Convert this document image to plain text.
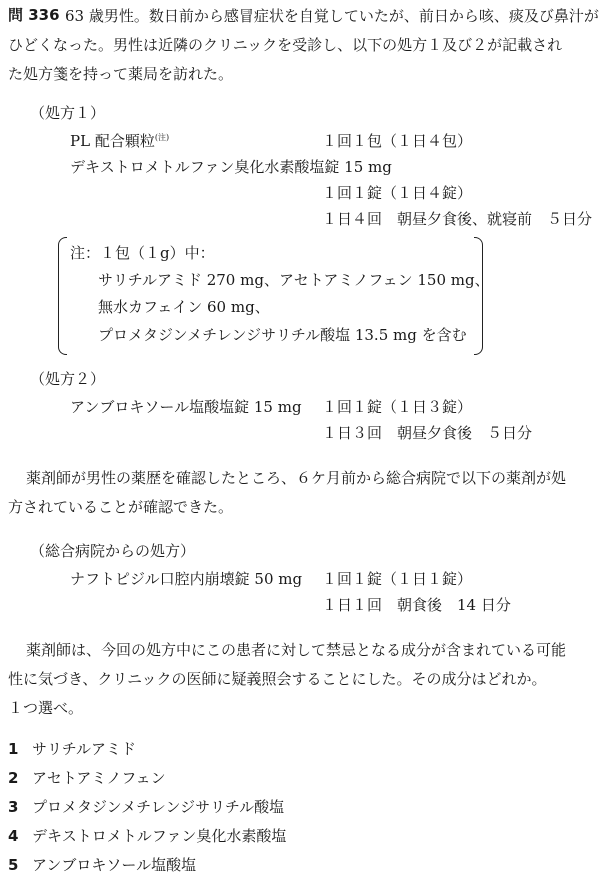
問 336 63 歳男性。数日前から感冒症状を自覚していたが、前日から咳、痰及び鼻汁が
ひどくなった。男性は近隣のクリニックを受診し、以下の処方１及び２が記載され
た処方箋を持って薬局を訪れた。
（処方１）
PL 配合顆粒$^{(注)}$	１回１包（１日４包）
デキストロメトルファン臭化水素酸塩錠 15 mg
１回１錠（１日４錠）
１日４回　朝昼夕食後、就寝前　５日分
注：１包（１g）中：
サリチルアミド 270 mg、アセトアミノフェン 150 mg、
無水カフェイン 60 mg、
プロメタジンメチレンジサリチル酸塩 13.5 mg を含む
（処方２）
アンブロキソール塩酸塩錠 15 mg １回１錠（１日３錠）
１日３回　朝昼夕食後　５日分
薬剤師が男性の薬歴を確認したところ、６ケ月前から総合病院で以下の薬剤が処
方されていることが確認できた。
（総合病院からの処方）
ナフトピジル口腔内崩壊錠 50 mg １回１錠（１日１錠）
１日１回　朝食後　14 日分
薬剤師は、今回の処方中にこの患者に対して禁忌となる成分が含まれている可能
性に気づき、クリニックの医師に疑義照会することにした。その成分はどれか。
１つ選べ。
1 サリチルアミド
2 アセトアミノフェン
3 プロメタジンメチレンジサリチル酸塩
4 デキストロメトルファン臭化水素酸塩
5 アンブロキソール塩酸塩
